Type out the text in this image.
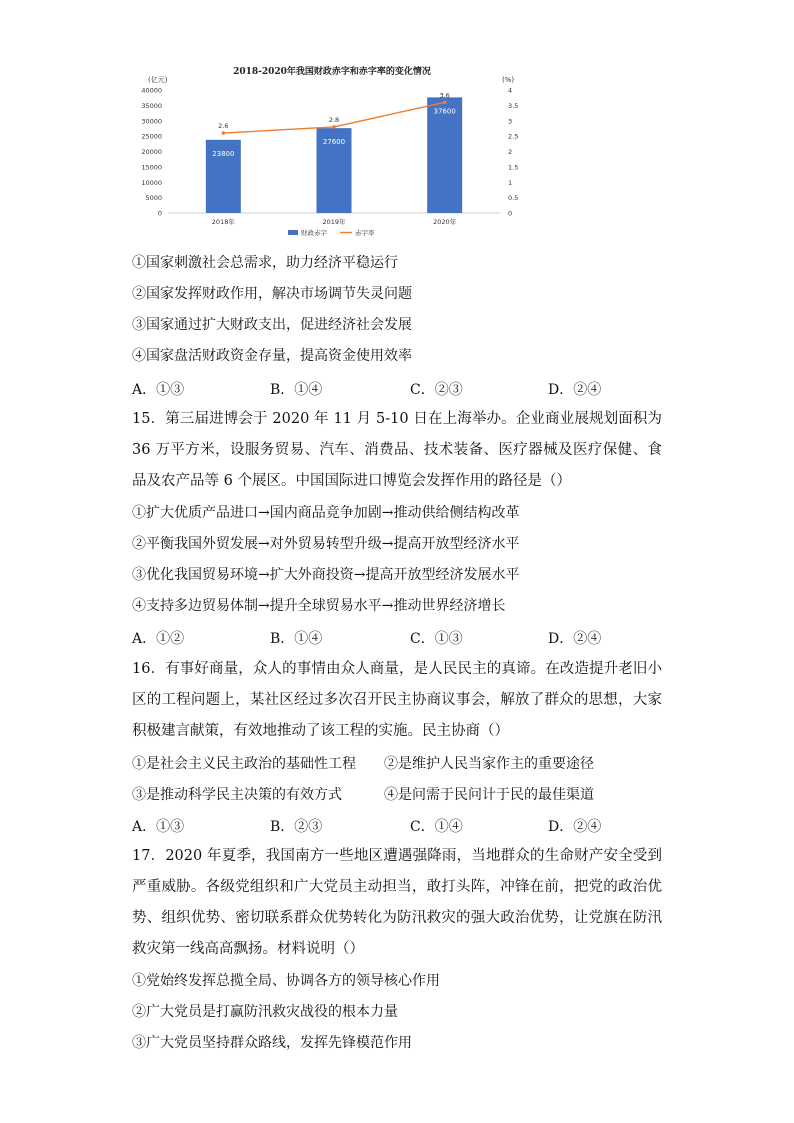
2018-2020年我国财政赤字和赤字率的变化情况
(亿元)	(%)
0
5000
10000
15000
20000
25000
30000
35000
40000
0
0.5
1
1.5
2
2.5
3
3.5
4
23800
27600
37600
2018年	2019年	2020年
2.6
2.8
3.6
财政赤字	赤字率
①国家刺激社会总需求，助力经济平稳运行
②国家发挥财政作用，解决市场调节失灵问题
③国家通过扩大财政支出，促进经济社会发展
④国家盘活财政资金存量，提高资金使用效率
A．①③	B．①④	C．②③	D．②④
15．第三届进博会于 2020 年 11 月 5-10 日在上海举办。企业商业展规划面积为 36 万平方米，设服务贸易、汽车、消费品、技术装备、医疗器械及医疗保健、食品及农产品等 6 个展区。中国国际进口博览会发挥作用的路径是（）
①扩大优质产品进口→国内商品竞争加剧→推动供给侧结构改革
②平衡我国外贸发展→对外贸易转型升级→提高开放型经济水平
③优化我国贸易环境→扩大外商投资→提高开放型经济发展水平
④支持多边贸易体制→提升全球贸易水平→推动世界经济增长
A．①②	B．①④	C．①③	D．②④
16．有事好商量，众人的事情由众人商量，是人民民主的真谛。在改造提升老旧小区的工程问题上，某社区经过多次召开民主协商议事会，解放了群众的思想，大家积极建言献策，有效地推动了该工程的实施。民主协商（）
①是社会主义民主政治的基础性工程 ②是维护人民当家作主的重要途径
③是推动科学民主决策的有效方式	④是问需于民问计于民的最佳渠道
A．①③	B．②③	C．①④	D．②④
17．2020 年夏季，我国南方一些地区遭遇强降雨，当地群众的生命财产安全受到严重威胁。各级党组织和广大党员主动担当，敢打头阵，冲锋在前，把党的政治优势、组织优势、密切联系群众优势转化为防汛救灾的强大政治优势，让党旗在防汛救灾第一线高高飘扬。材料说明（）
①党始终发挥总揽全局、协调各方的领导核心作用
②广大党员是打赢防汛救灾战役的根本力量
③广大党员坚持群众路线，发挥先锋模范作用
